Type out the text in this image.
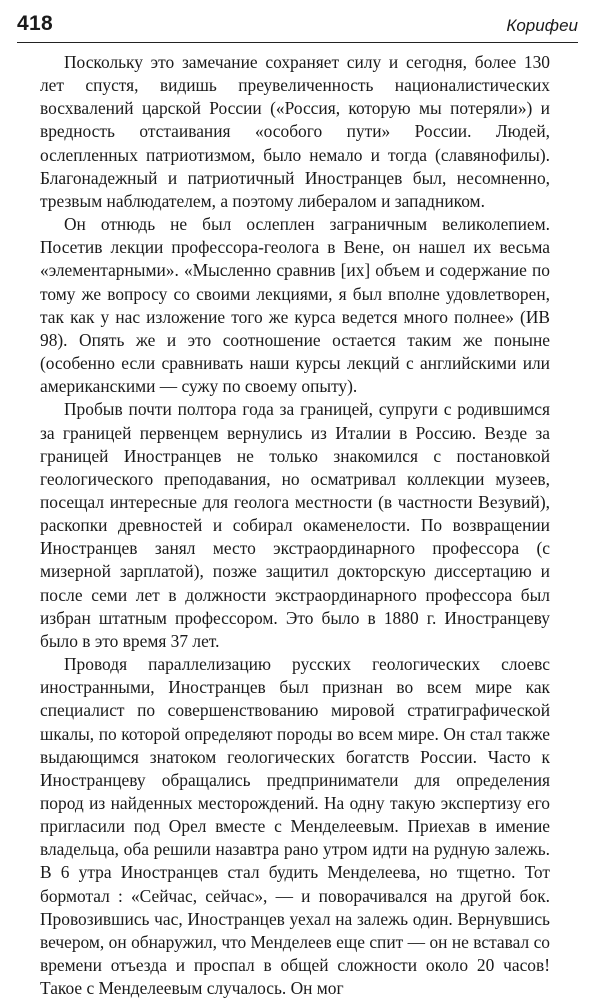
418	Корифеи

Поскольку это замечание сохраняет силу и сегодня, более 130 лет спустя, видишь преувеличенность националистических восхвалений царской России («Россия, которую мы потеряли») и вредность отстаивания «особого пути» России. Людей, ослепленных патриотизмом, было немало и тогда (славянофилы). Благонадежный и патриотичный Иностранцев был, несомненно, трезвым наблюдателем, а поэтому либералом и западником.

Он отнюдь не был ослеплен заграничным великолепием. Посетив лекции профессора-геолога в Вене, он нашел их весьма «элементарными». «Мысленно сравнив [их] объем и содержание по тому же вопросу со своими лекциями, я был вполне удовлетворен, так как у нас изложение того же курса ведется много полнее» (ИВ 98). Опять же и это соотношение остается таким же поныне (особенно если сравнивать наши курсы лекций с английскими или американскими — сужу по своему опыту).

Пробыв почти полтора года за границей, супруги с родившимся за границей первенцем вернулись из Италии в Россию. Везде за границей Иностранцев не только знакомился с постановкой геологического преподавания, но осматривал коллекции музеев, посещал интересные для геолога местности (в частности Везувий), раскопки древностей и собирал окаменелости. По возвращении Иностранцев занял место экстраординарного профессора (с мизерной зарплатой), позже защитил докторскую диссертацию и после семи лет в должности экстраординарного профессора был избран штатным профессором. Это было в 1880 г. Иностранцеву было в это время 37 лет.

Проводя параллелизацию русских геологических слоевс иностранными, Иностранцев был признан во всем мире как специалист по совершенствованию мировой стратиграфической шкалы, по которой определяют породы во всем мире. Он стал также выдающимся знатоком геологических богатств России. Часто к Иностранцеву обращались предприниматели для определения пород из найденных месторождений. На одну такую экспертизу его пригласили под Орел вместе с Менделеевым. Приехав в имение владельца, оба решили назавтра рано утром идти на рудную залежь. В 6 утра Иностранцев стал будить Менделеева, но тщетно. Тот бормотал : «Сейчас, сейчас», — и поворачивался на другой бок. Провозившись час, Иностранцев уехал на залежь один. Вернувшись вечером, он обнаружил, что Менделеев еще спит — он не вставал со времени отъезда и проспал в общей сложности около 20 часов! Такое с Менделеевым случалось. Он мог
